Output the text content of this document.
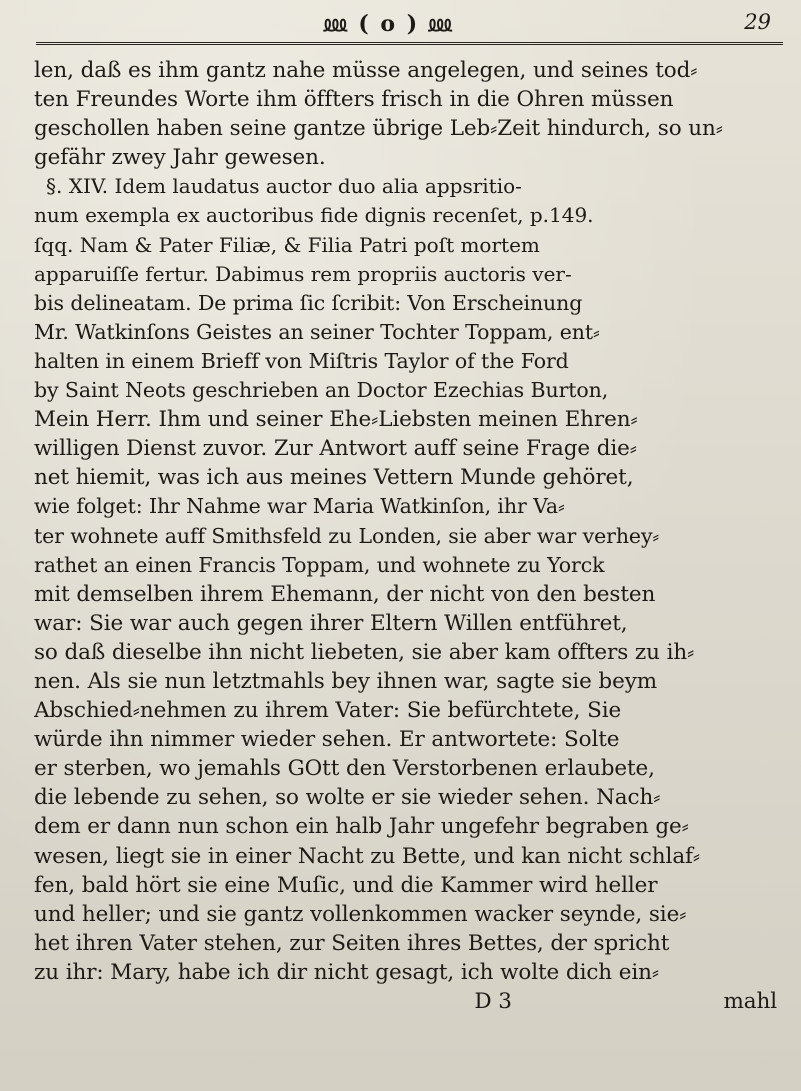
⅏ ( o ) ⅏	29
len, daß es ihm gantz nahe müsse angelegen, und seines tod⸗
ten Freundes Worte ihm öffters frisch in die Ohren müssen
geschollen haben seine gantze übrige Leb⸗Zeit hindurch, so un⸗
gefähr zwey Jahr gewesen.
§. XIV. Idem laudatus auctor duo alia appsritio-
num exempla ex auctoribus fide dignis recenſet, p.149.
ſqq. Nam & Pater Filiæ, & Filia Patri poſt mortem
apparuiſſe fertur. Dabimus rem propriis auctoris ver-
bis delineatam. De prima ſic ſcribit: Von Erscheinung
Mr. Watkinſons Geistes an seiner Tochter Toppam, ent⸗
halten in einem Brieff von Miſtris Taylor of the Ford
by Saint Neots geschrieben an Doctor Ezechias Burton,
Mein Herr. Ihm und seiner Ehe⸗Liebsten meinen Ehren⸗
willigen Dienst zuvor. Zur Antwort auff seine Frage die⸗
net hiemit, was ich aus meines Vettern Munde gehöret,
wie folget: Ihr Nahme war Maria Watkinſon, ihr Va⸗
ter wohnete auff Smithsfeld zu Londen, sie aber war verhey⸗
rathet an einen Francis Toppam, und wohnete zu Yorck
mit demselben ihrem Ehemann, der nicht von den besten
war: Sie war auch gegen ihrer Eltern Willen entführet,
so daß dieselbe ihn nicht liebeten, sie aber kam offters zu ih⸗
nen. Als sie nun letztmahls bey ihnen war, sagte sie beym
Abschied⸗nehmen zu ihrem Vater: Sie befürchtete, Sie
würde ihn nimmer wieder sehen. Er antwortete: Solte
er sterben, wo jemahls GOtt den Verstorbenen erlaubete,
die lebende zu sehen, so wolte er sie wieder sehen. Nach⸗
dem er dann nun schon ein halb Jahr ungefehr begraben ge⸗
wesen, liegt sie in einer Nacht zu Bette, und kan nicht schlaf⸗
fen, bald hört sie eine Muſic, und die Kammer wird heller
und heller; und sie gantz vollenkommen wacker seynde, sie⸗
het ihren Vater stehen, zur Seiten ihres Bettes, der spricht
zu ihr: Mary, habe ich dir nicht gesagt, ich wolte dich ein⸗
D 3	mahl
